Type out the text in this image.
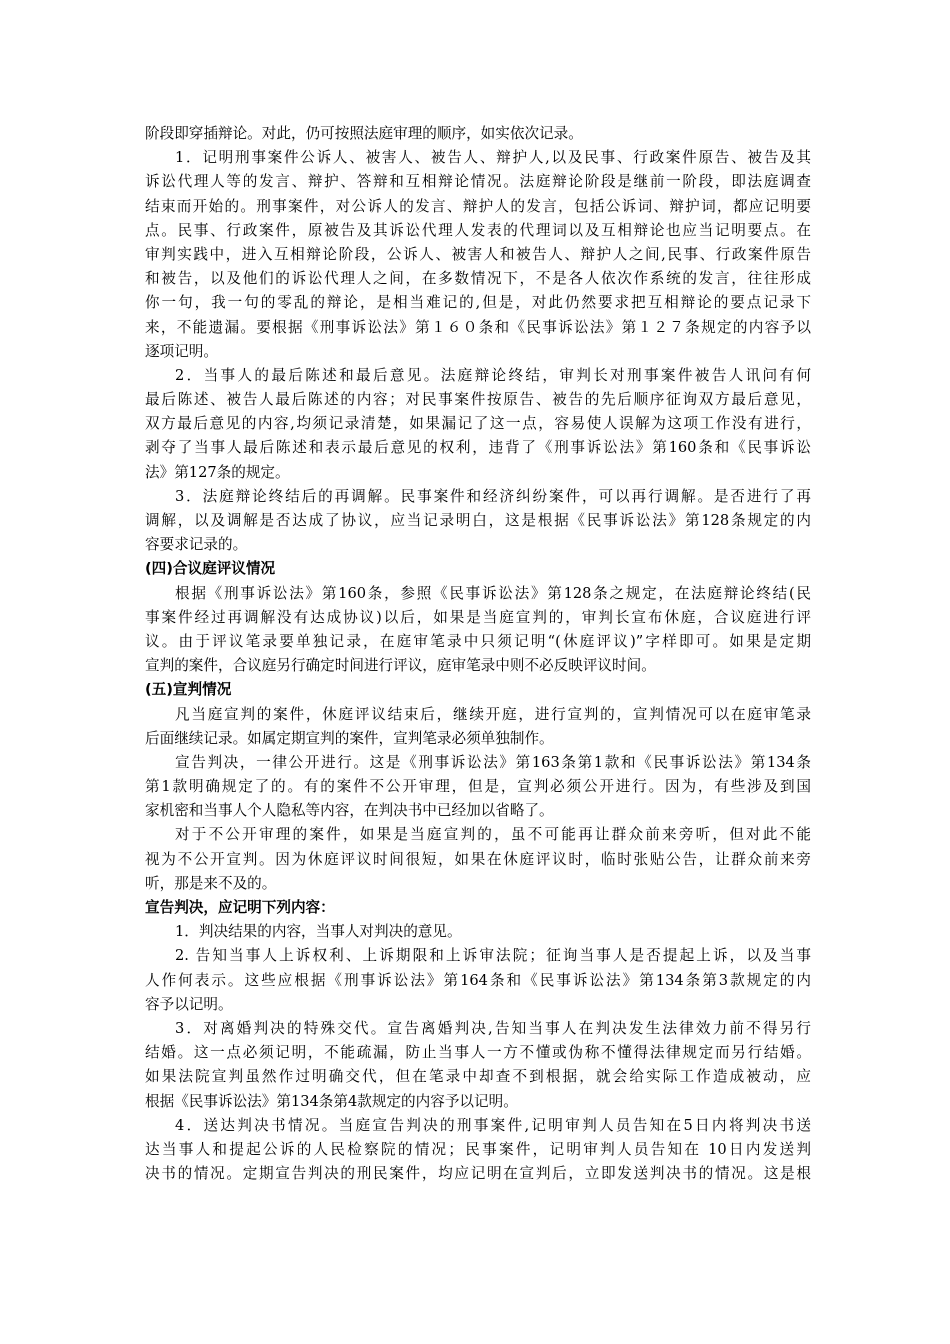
阶段即穿插辩论。对此，仍可按照法庭审理的顺序，如实依次记录。
1．记明刑事案件公诉人、被害人、被告人、辩护人,以及民事、行政案件原告、被告及其
诉讼代理人等的发言、辩护、答辩和互相辩论情况。法庭辩论阶段是继前一阶段，即法庭调查
结束而开始的。刑事案件，对公诉人的发言、辩护人的发言，包括公诉词、辩护词，都应记明要
点。民事、行政案件，原被告及其诉讼代理人发表的代理词以及互相辩论也应当记明要点。在
审判实践中，进入互相辩论阶段，公诉人、被害人和被告人、辩护人之间,民事、行政案件原告
和被告，以及他们的诉讼代理人之间，在多数情况下，不是各人依次作系统的发言，往往形成
你一句，我一句的零乱的辩论，是相当难记的,但是，对此仍然要求把互相辩论的要点记录下
来，不能遗漏。要根据《刑事诉讼法》第１６０条和《民事诉讼法》第１２７条规定的内容予以
逐项记明。
2．当事人的最后陈述和最后意见。法庭辩论终结，审判长对刑事案件被告人讯问有何
最后陈述、被告人最后陈述的内容；对民事案件按原告、被告的先后顺序征询双方最后意见，
双方最后意见的内容,均须记录清楚，如果漏记了这一点，容易使人误解为这项工作没有进行，
剥夺了当事人最后陈述和表示最后意见的权利，违背了《刑事诉讼法》第160条和《民事诉讼
法》第127条的规定。
3．法庭辩论终结后的再调解。民事案件和经济纠纷案件，可以再行调解。是否进行了再
调解，以及调解是否达成了协议，应当记录明白，这是根据《民事诉讼法》第128条规定的内
容要求记录的。
(四)合议庭评议情况
根据《刑事诉讼法》第160条，参照《民事诉讼法》第128条之规定，在法庭辩论终结(民
事案件经过再调解没有达成协议)以后，如果是当庭宣判的，审判长宣布休庭，合议庭进行评
议。由于评议笔录要单独记录，在庭审笔录中只须记明“(休庭评议)”字样即可。如果是定期
宣判的案件，合议庭另行确定时间进行评议，庭审笔录中则不必反映评议时间。
(五)宣判情况
凡当庭宣判的案件，休庭评议结束后，继续开庭，进行宣判的，宣判情况可以在庭审笔录
后面继续记录。如属定期宣判的案件，宣判笔录必须单独制作。
宣告判决，一律公开进行。这是《刑事诉讼法》第163条第1款和《民事诉讼法》第134条
第1款明确规定了的。有的案件不公开审理，但是，宣判必须公开进行。因为，有些涉及到国
家机密和当事人个人隐私等内容，在判决书中已经加以省略了。
对于不公开审理的案件，如果是当庭宣判的，虽不可能再让群众前来旁听，但对此不能
视为不公开宣判。因为休庭评议时间很短，如果在休庭评议时，临时张贴公告，让群众前来旁
听，那是来不及的。
宣告判决，应记明下列内容：
1．判决结果的内容，当事人对判决的意见。
2. 告知当事人上诉权利、上诉期限和上诉审法院；征询当事人是否提起上诉，以及当事
人作何表示。这些应根据《刑事诉讼法》第164条和《民事诉讼法》第134条第3款规定的内
容予以记明。
3．对离婚判决的特殊交代。宣告离婚判决,告知当事人在判决发生法律效力前不得另行
结婚。这一点必须记明，不能疏漏，防止当事人一方不懂或伪称不懂得法律规定而另行结婚。
如果法院宣判虽然作过明确交代，但在笔录中却查不到根据，就会给实际工作造成被动，应
根据《民事诉讼法》第134条第4款规定的内容予以记明。
4．送达判决书情况。当庭宣告判决的刑事案件,记明审判人员告知在5日内将判决书送
达当事人和提起公诉的人民检察院的情况；民事案件，记明审判人员告知在 10日内发送判
决书的情况。定期宣告判决的刑民案件，均应记明在宣判后，立即发送判决书的情况。这是根
